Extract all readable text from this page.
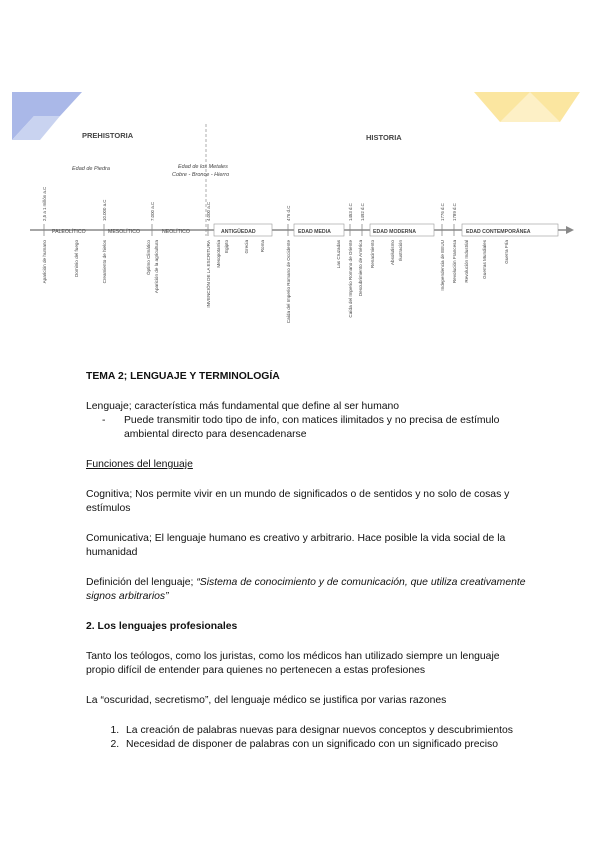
PREHISTORIA	HISTORIA
Edad de Piedra	Edad de los Metales
Cobre - Bronce - Hierro
PALEOLÍTICO	MESOLÍTICO	NEOLÍTICO	ANTIGÜEDAD	EDAD MEDIA	EDAD MODERNA	EDAD CONTEMPORÁNEA
2,5 a 1 millón a.C	10.000 a.C	7.000 a.C	4.000 a.C	476 d.C	1453 d.C 1492 d.C	1776 d.C 1789 d.C
Aparición de humano	Dominio del fuego	Creamiento de hielos	Óptimo Climático Aparición de la agricultura	INVENCIÓN DE LA ESCRITURA Mesopotamia Egipto	Grecia Roma	Caída del Imperio Romano de Occidente	Las Cruzadas Caída del Imperio Romano de Oriente Descubrimiento de América Renacimiento	Absolutismo Ilustración	Independencia de EEUU Revolución Francesa Revolución Industrial	Guerras Mundiales	Guerra Fría

TEMA 2; LENGUAJE Y TERMINOLOGÍA

Lenguaje; característica más fundamental que define al ser humano

-	Puede transmitir todo tipo de info, con matices ilimitados y no precisa de estímulo ambiental directo para desencadenarse

Funciones del lenguaje

Cognitiva; Nos permite vivir en un mundo de significados o de sentidos y no solo de cosas y estímulos

Comunicativa; El lenguaje humano es creativo y arbitrario. Hace posible la vida social de la humanidad

Definición del lenguaje; “Sistema de conocimiento y de comunicación, que utiliza creativamente signos arbitrarios”

2. Los lenguajes profesionales

Tanto los teólogos, como los juristas, como los médicos han utilizado siempre un lenguaje propio difícil de entender para quienes no pertenecen a estas profesiones

La “oscuridad, secretismo”, del lenguaje médico se justifica por varias razones

1. La creación de palabras nuevas para designar nuevos conceptos y descubrimientos
2. Necesidad de disponer de palabras con un significado con un significado preciso
